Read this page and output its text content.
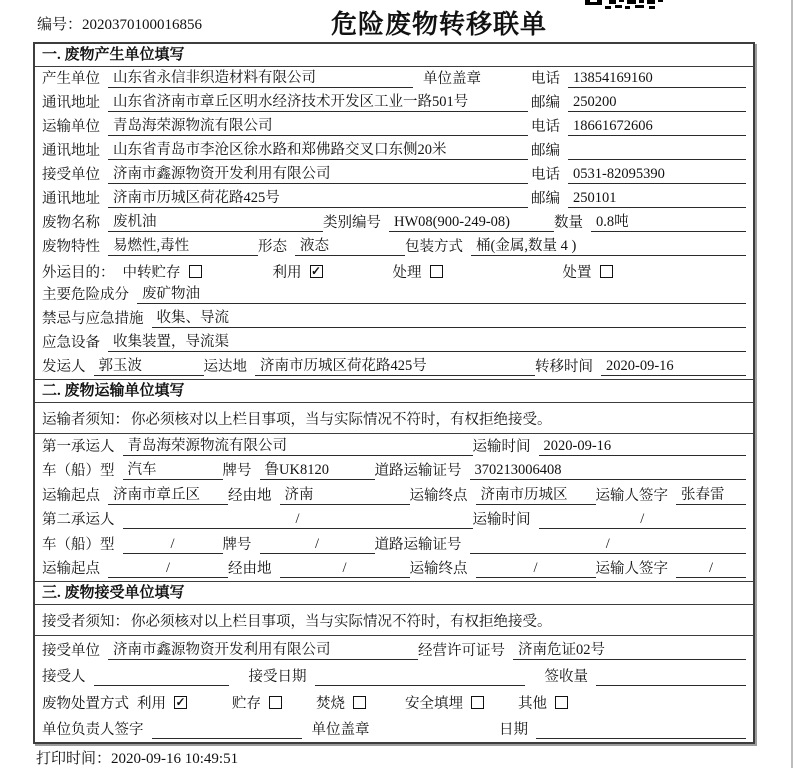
编号：2020370100016856	危险废物转移联单
一. 废物产生单位填写
产生单位 山东省永信非织造材料有限公司	单位盖章	电话 13854169160
通讯地址 山东省济南市章丘区明水经济技术开发区工业一路501号	邮编 250200
运输单位 青岛海荣源物流有限公司	电话 18661672606
通讯地址 山东省青岛市李沧区徐水路和郑佛路交叉口东侧20米	邮编
接受单位 济南市鑫源物资开发利用有限公司	电话 0531-82095390
通讯地址 济南市历城区荷花路425号	邮编 250101
废物名称 废机油	类别编号 HW08(900-249-08)	数量 0.8吨
废物特性 易燃性,毒性	形态 液态	包装方式 桶(金属,数量 4 )
外运目的： 中转贮存	利用 ✓	处理	处置
主要危险成分 废矿物油
禁忌与应急措施 收集、导流
应急设备 收集装置，导流渠
发运人 郭玉波	运达地 济南市历城区荷花路425号	转移时间 2020-09-16
二. 废物运输单位填写
运输者须知： 你必须核对以上栏目事项，当与实际情况不符时，有权拒绝接受。
第一承运人 青岛海荣源物流有限公司	运输时间 2020-09-16
车（船）型 汽车	牌号 鲁UK8120	道路运输证号 370213006408
运输起点 济南市章丘区	经由地 济南	运输终点 济南市历城区	运输人签字 张春雷
第二承运人	/	运输时间	/
车（船）型	/	牌号	/	道路运输证号	/
运输起点	/	经由地	/	运输终点	/	运输人签字	/
三. 废物接受单位填写
接受者须知： 你必须核对以上栏目事项，当与实际情况不符时，有权拒绝接受。
接受单位 济南市鑫源物资开发利用有限公司	经营许可证号 济南危证02号
接受人	接受日期	签收量
废物处置方式 利用 ✓	贮存	焚烧	安全填埋	其他
单位负责人签字	单位盖章	日期
打印时间：2020-09-16 10:49:51
